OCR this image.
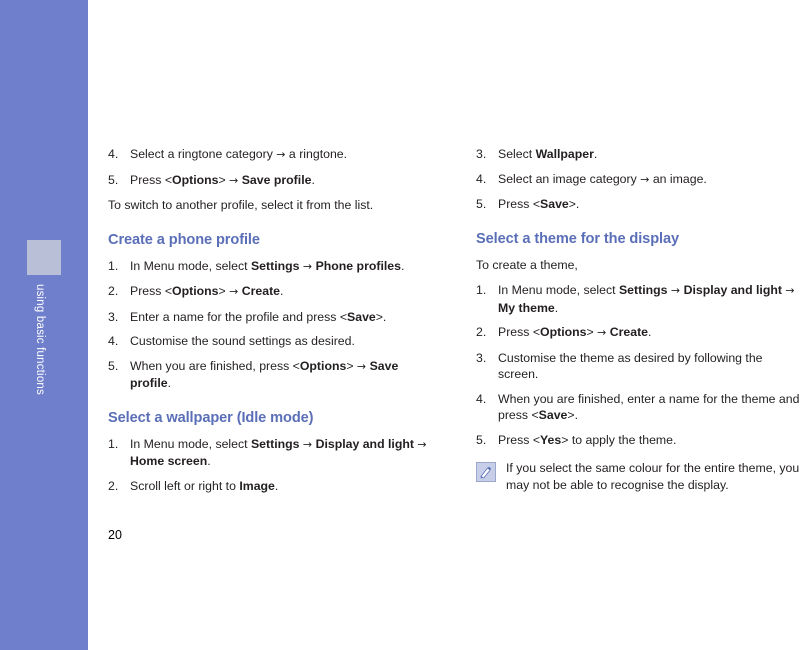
using basic functions
20
4. Select a ringtone category → a ringtone.
5. Press <Options> → Save profile.

To switch to another profile, select it from the list.

Create a phone profile
1. In Menu mode, select Settings → Phone profiles.
2. Press <Options> → Create.
3. Enter a name for the profile and press <Save>.
4. Customise the sound settings as desired.
5. When you are finished, press <Options> → Save profile.
Select a wallpaper (Idle mode)
1. In Menu mode, select Settings → Display and light → Home screen.
2. Scroll left or right to Image.
3. Select Wallpaper.
4. Select an image category → an image.
5. Press <Save>.
Select a theme for the display

To create a theme,

1. In Menu mode, select Settings → Display and light → My theme.
2. Press <Options> → Create.
3. Customise the theme as desired by following the screen.
4. When you are finished, enter a name for the theme and press <Save>.
5. Press <Yes> to apply the theme.
If you select the same colour for the entire theme, you may not be able to recognise the display.
